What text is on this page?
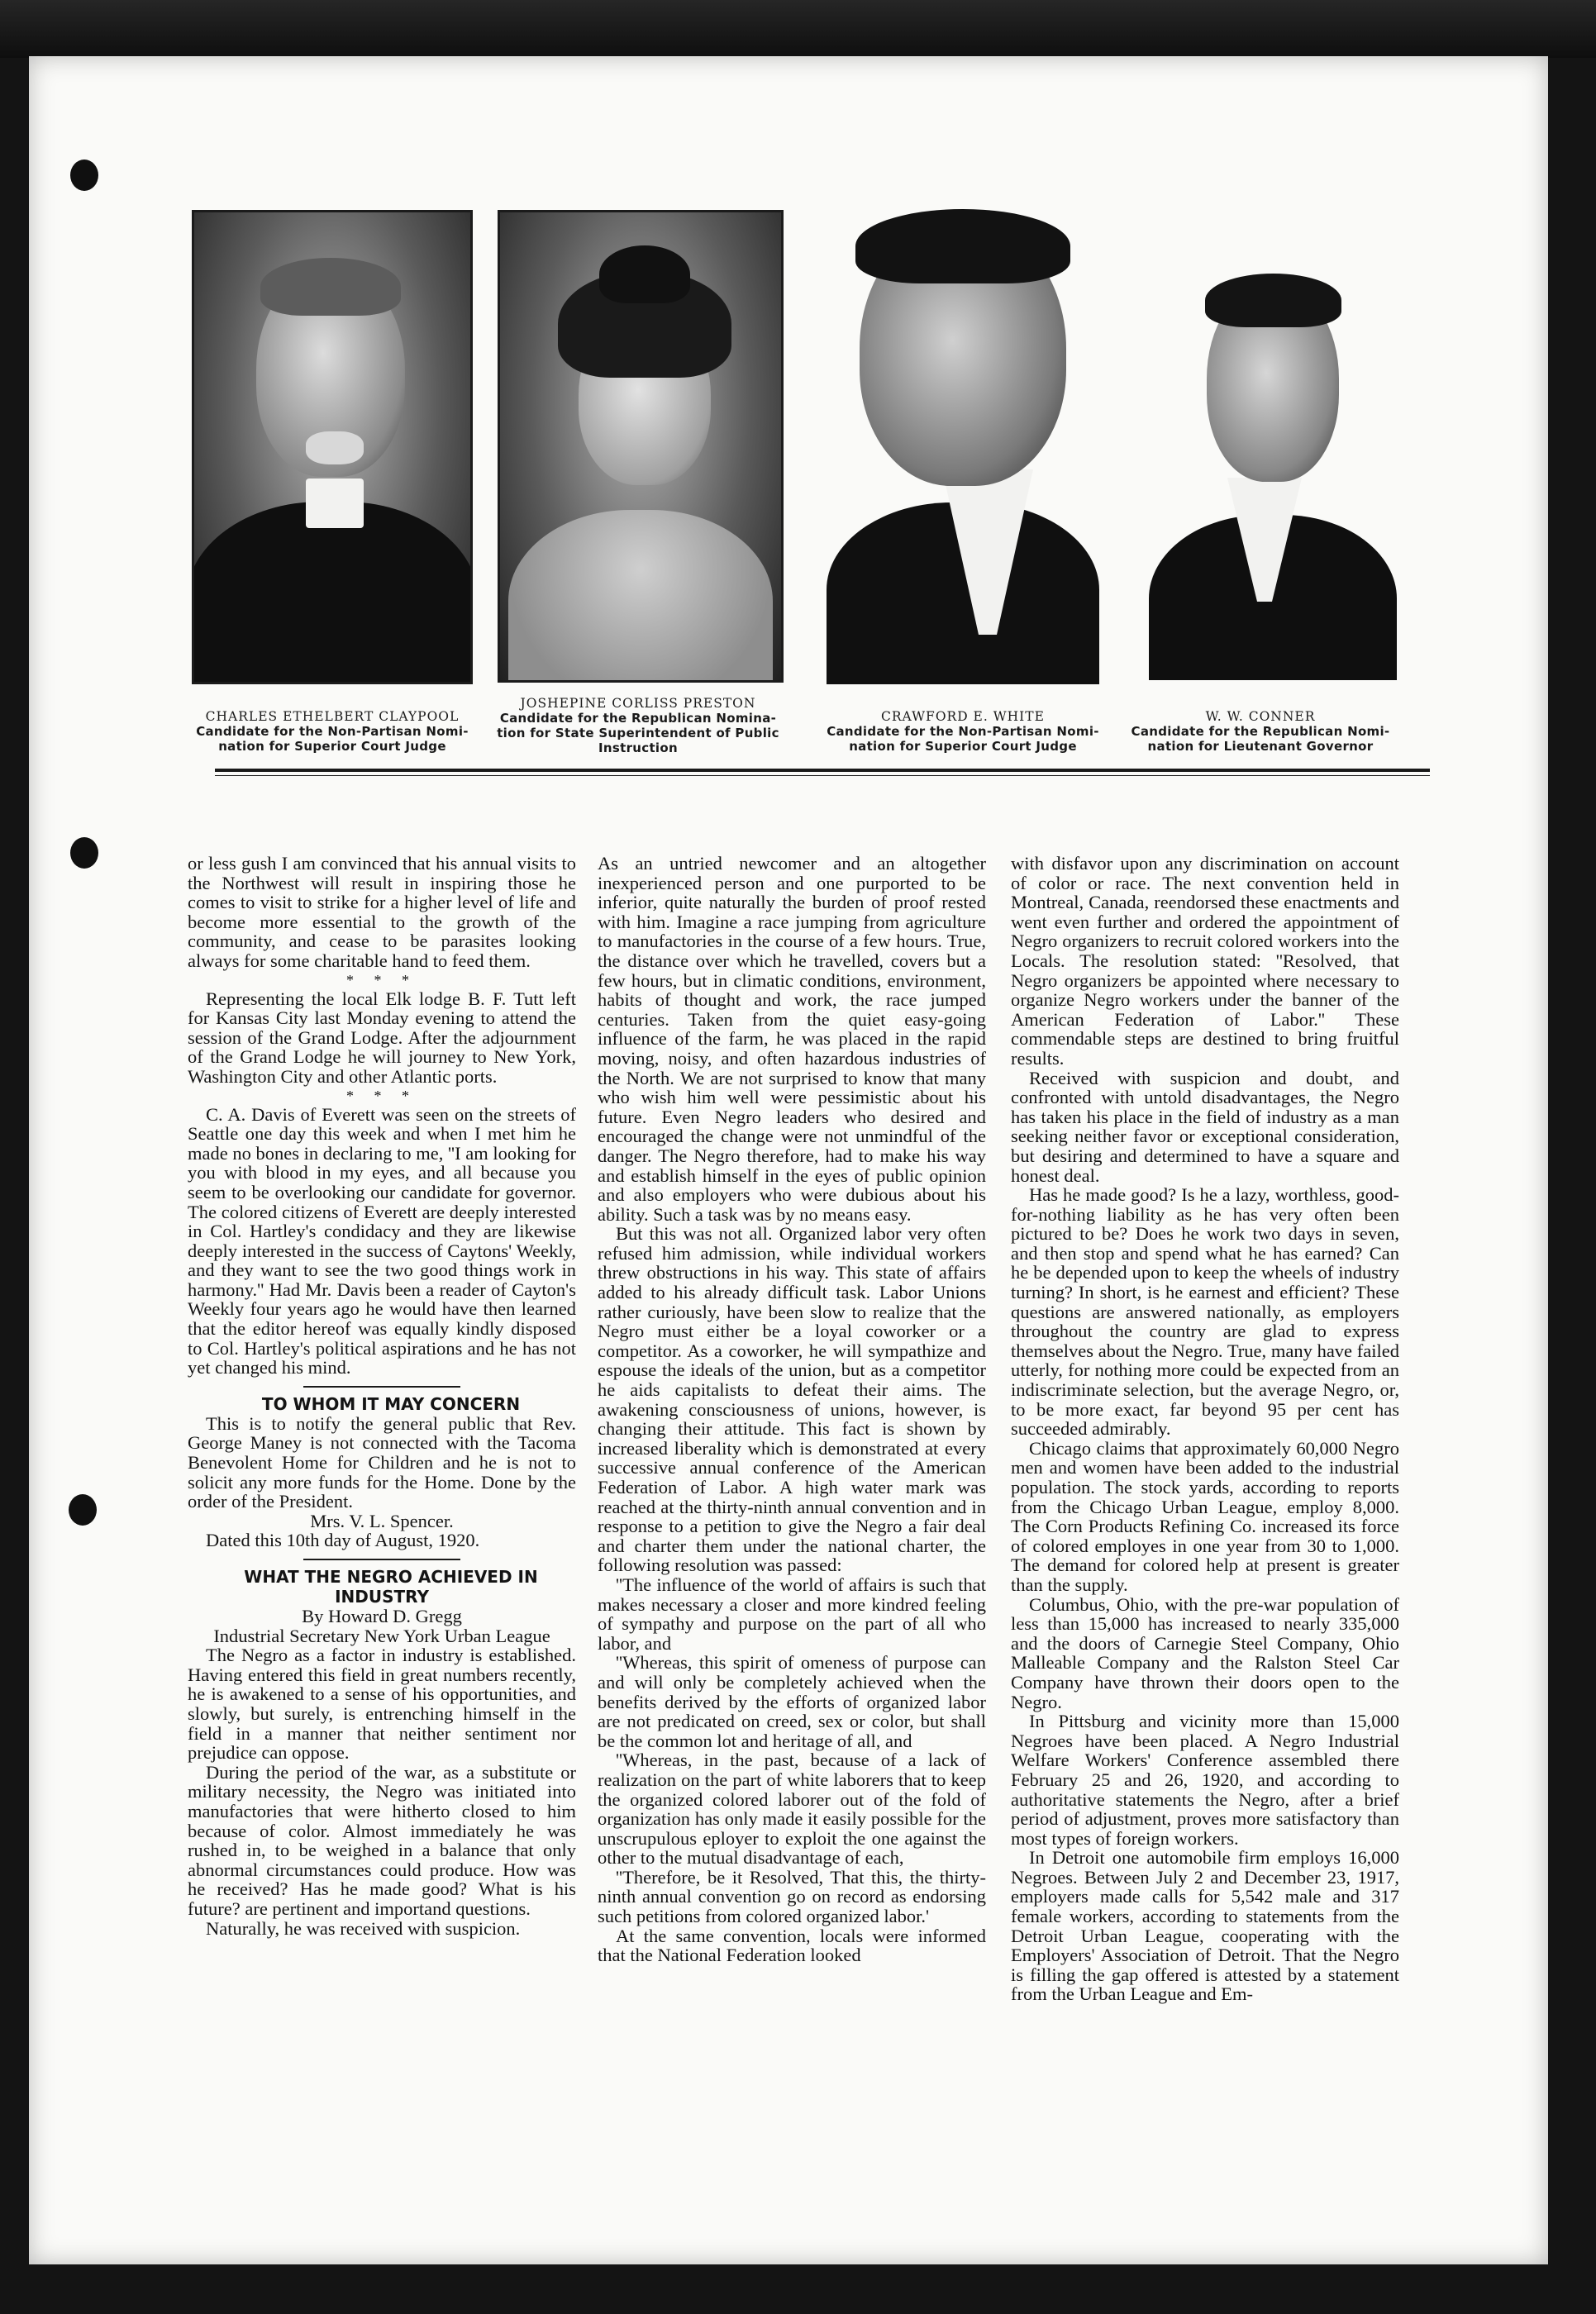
CHARLES ETHELBERT CLAYPOOL
Candidate for the Non-Partisan Nomi- nation for Superior Court Judge
JOSHEPINE CORLISS PRESTON
Candidate for the Republican Nomina- tion for State Superintendent of Public Instruction
CRAWFORD E. WHITE
Candidate for the Non-Partisan Nomi- nation for Superior Court Judge
W. W. CONNER
Candidate for the Republican Nomi- nation for Lieutenant Governor

or less gush I am convinced that his annual visits to the Northwest will result in inspiring those he comes to visit to strike for a higher level of life and become more essential to the growth of the community, and cease to be parasites looking always for some charitable hand to feed them.

* * *

Representing the local Elk lodge B. F. Tutt left for Kansas City last Monday evening to attend the session of the Grand Lodge. After the adjournment of the Grand Lodge he will journey to New York, Washington City and other Atlantic ports.

* * *

C. A. Davis of Everett was seen on the streets of Seattle one day this week and when I met him he made no bones in declaring to me, ''I am looking for you with blood in my eyes, and all because you seem to be overlooking our candidate for governor. The colored citizens of Everett are deeply interested in Col. Hartley's condidacy and they are likewise deeply interested in the success of Caytons' Weekly, and they want to see the two good things work in harmony.'' Had Mr. Davis been a reader of Cayton's Weekly four years ago he would have then learned that the editor hereof was equally kindly disposed to Col. Hartley's political aspirations and he has not yet changed his mind.

TO WHOM IT MAY CONCERN

This is to notify the general public that Rev. George Maney is not connected with the Tacoma Benevolent Home for Children and he is not to solicit any more funds for the Home. Done by the order of the President.

Mrs. V. L. Spencer.

Dated this 10th day of August, 1920.

WHAT THE NEGRO ACHIEVED IN INDUSTRY

By Howard D. Gregg

Industrial Secretary New York Urban League

The Negro as a factor in industry is established. Having entered this field in great numbers recently, he is awakened to a sense of his opportunities, and slowly, but surely, is entrenching himself in the field in a manner that neither sentiment nor prejudice can oppose.

During the period of the war, as a substitute or military necessity, the Negro was initiated into manufactories that were hitherto closed to him because of color. Almost immediately he was rushed in, to be weighed in a balance that only abnormal circumstances could produce. How was he received? Has he made good? What is his future? are pertinent and importand questions.

Naturally, he was received with suspicion.

As an untried newcomer and an altogether inexperienced person and one purported to be inferior, quite naturally the burden of proof rested with him. Imagine a race jumping from agriculture to manufactories in the course of a few hours. True, the distance over which he travelled, covers but a few hours, but in climatic conditions, environment, habits of thought and work, the race jumped centuries. Taken from the quiet easy-going influence of the farm, he was placed in the rapid moving, noisy, and often hazardous industries of the North. We are not surprised to know that many who wish him well were pessimistic about his future. Even Negro leaders who desired and encouraged the change were not unmindful of the danger. The Negro therefore, had to make his way and establish himself in the eyes of public opinion and also employers who were dubious about his ability. Such a task was by no means easy.

But this was not all. Organized labor very often refused him admission, while individual workers threw obstructions in his way. This state of affairs added to his already difficult task. Labor Unions rather curiously, have been slow to realize that the Negro must either be a loyal coworker or a competitor. As a coworker, he will sympathize and espouse the ideals of the union, but as a competitor he aids capitalists to defeat their aims. The awakening consciousness of unions, however, is changing their attitude. This fact is shown by increased liberality which is demonstrated at every successive annual conference of the American Federation of Labor. A high water mark was reached at the thirty-ninth annual convention and in response to a petition to give the Negro a fair deal and charter them under the national charter, the following resolution was passed:

''The influence of the world of affairs is such that makes necessary a closer and more kindred feeling of sympathy and purpose on the part of all who labor, and

''Whereas, this spirit of omeness of purpose can and will only be completely achieved when the benefits derived by the efforts of organized labor are not predicated on creed, sex or color, but shall be the common lot and heritage of all, and

''Whereas, in the past, because of a lack of realization on the part of white laborers that to keep the organized colored laborer out of the fold of organization has only made it easily possible for the unscrupulous eployer to exploit the one against the other to the mutual disadvantage of each,

''Therefore, be it Resolved, That this, the thirty-ninth annual convention go on record as endorsing such petitions from colored organized labor.'

At the same convention, locals were informed that the National Federation looked

with disfavor upon any discrimination on account of color or race. The next convention held in Montreal, Canada, reendorsed these enactments and went even further and ordered the appointment of Negro organizers to recruit colored workers into the Locals. The resolution stated: ''Resolved, that Negro organizers be appointed where necessary to organize Negro workers under the banner of the American Federation of Labor.'' These commendable steps are destined to bring fruitful results.

Received with suspicion and doubt, and confronted with untold disadvantages, the Negro has taken his place in the field of industry as a man seeking neither favor or exceptional consideration, but desiring and determined to have a square and honest deal.

Has he made good? Is he a lazy, worthless, good-for-nothing liability as he has very often been pictured to be? Does he work two days in seven, and then stop and spend what he has earned? Can he be depended upon to keep the wheels of industry turning? In short, is he earnest and efficient? These questions are answered nationally, as employers throughout the country are glad to express themselves about the Negro. True, many have failed utterly, for nothing more could be expected from an indiscriminate selection, but the average Negro, or, to be more exact, far beyond 95 per cent has succeeded admirably.

Chicago claims that approximately 60,000 Negro men and women have been added to the industrial population. The stock yards, according to reports from the Chicago Urban League, employ 8,000. The Corn Products Refining Co. increased its force of colored employes in one year from 30 to 1,000. The demand for colored help at present is greater than the supply.

Columbus, Ohio, with the pre-war population of less than 15,000 has increased to nearly 335,000 and the doors of Carnegie Steel Company, Ohio Malleable Company and the Ralston Steel Car Company have thrown their doors open to the Negro.

In Pittsburg and vicinity more than 15,000 Negroes have been placed. A Negro Industrial Welfare Workers' Conference assembled there February 25 and 26, 1920, and according to authoritative statements the Negro, after a brief period of adjustment, proves more satisfactory than most types of foreign workers.

In Detroit one automobile firm employs 16,000 Negroes. Between July 2 and December 23, 1917, employers made calls for 5,542 male and 317 female workers, according to statements from the Detroit Urban League, cooperating with the Employers' Association of Detroit. That the Negro is filling the gap offered is attested by a statement from the Urban League and Em-
